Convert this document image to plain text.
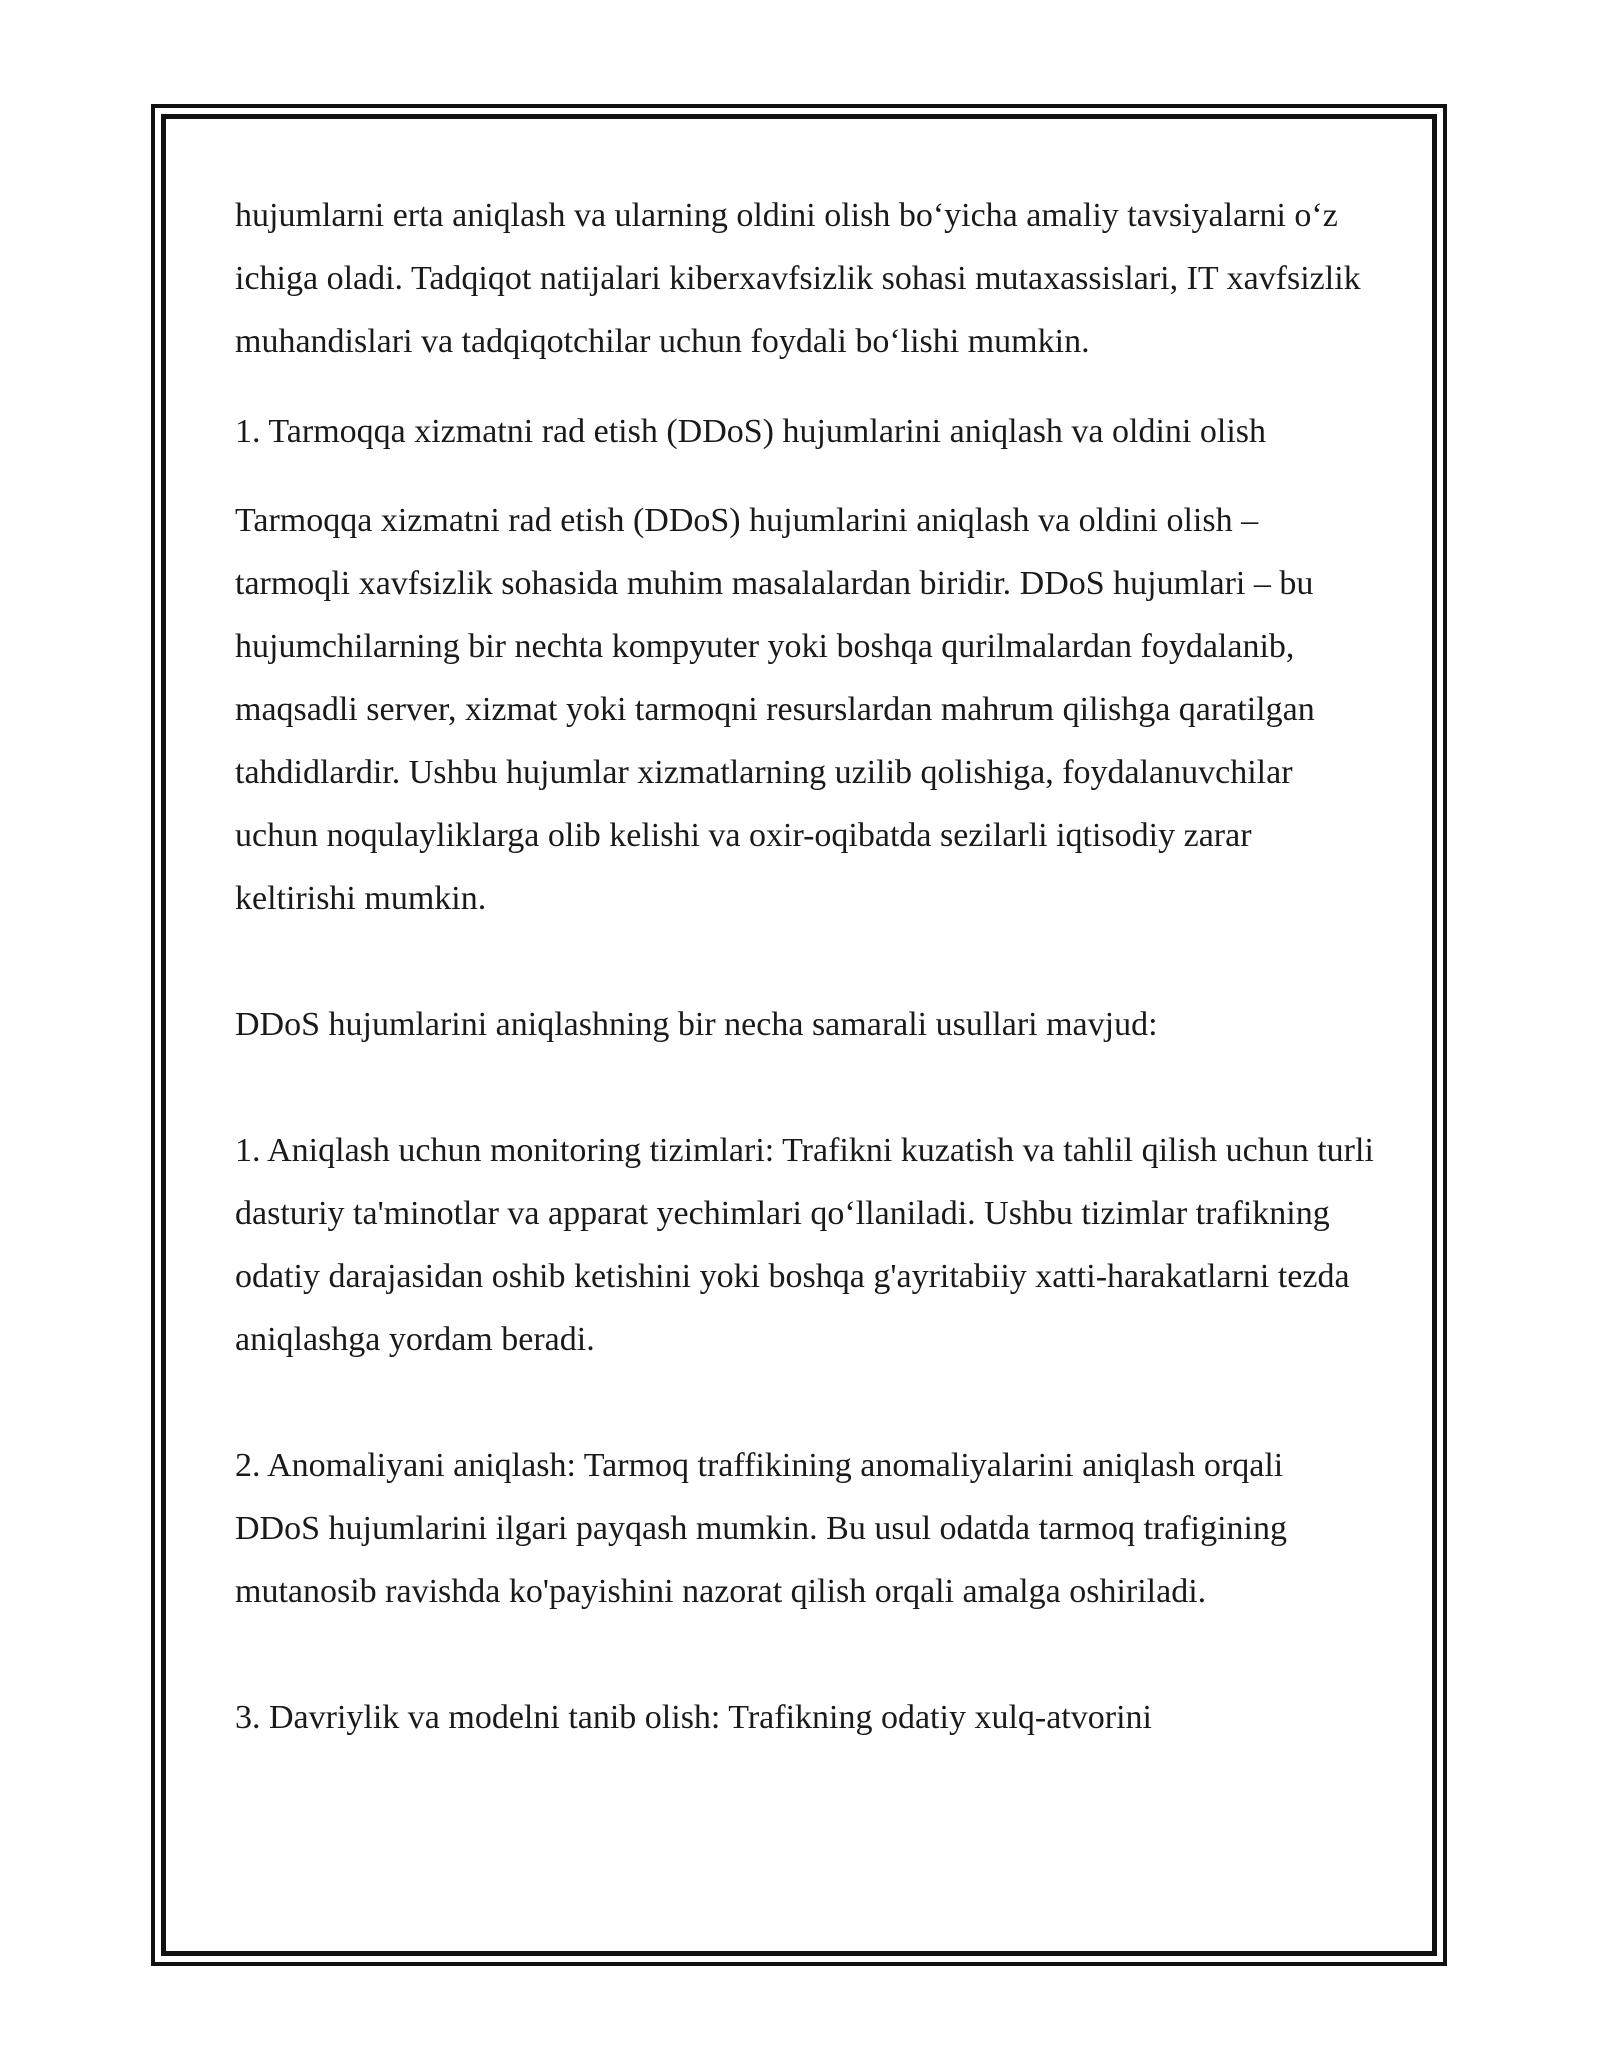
hujumlarni erta aniqlash va ularning oldini olish bo‘yicha amaliy tavsiyalarni o‘z ichiga oladi. Tadqiqot natijalari kiberxavfsizlik sohasi mutaxassislari, IT xavfsizlik muhandislari va tadqiqotchilar uchun foydali bo‘lishi mumkin.

1. Tarmoqqa xizmatni rad etish (DDoS) hujumlarini aniqlash va oldini olish

Tarmoqqa xizmatni rad etish (DDoS) hujumlarini aniqlash va oldini olish – tarmoqli xavfsizlik sohasida muhim masalalardan biridir. DDoS hujumlari – bu hujumchilarning bir nechta kompyuter yoki boshqa qurilmalardan foydalanib, maqsadli server, xizmat yoki tarmoqni resurslardan mahrum qilishga qaratilgan tahdidlardir. Ushbu hujumlar xizmatlarning uzilib qolishiga, foydalanuvchilar uchun noqulayliklarga olib kelishi va oxir-oqibatda sezilarli iqtisodiy zarar keltirishi mumkin.

DDoS hujumlarini aniqlashning bir necha samarali usullari mavjud:

1. Aniqlash uchun monitoring tizimlari: Trafikni kuzatish va tahlil qilish uchun turli dasturiy ta'minotlar va apparat yechimlari qo‘llaniladi. Ushbu tizimlar trafikning odatiy darajasidan oshib ketishini yoki boshqa g'ayritabiiy xatti-harakatlarni tezda aniqlashga yordam beradi.

2. Anomaliyani aniqlash: Tarmoq traffikining anomaliyalarini aniqlash orqali DDoS hujumlarini ilgari payqash mumkin. Bu usul odatda tarmoq trafigining mutanosib ravishda ko'payishini nazorat qilish orqali amalga oshiriladi.

3. Davriylik va modelni tanib olish: Trafikning odatiy xulq-atvorini
